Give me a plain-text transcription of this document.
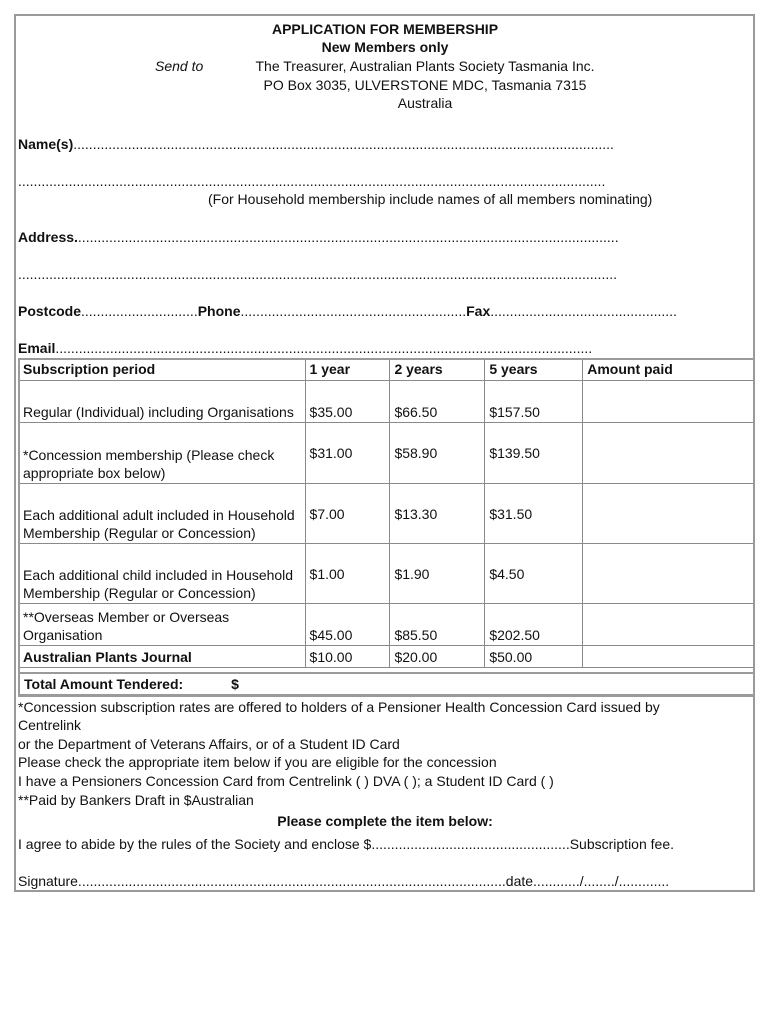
APPLICATION FOR MEMBERSHIP
New Members only
Send to	The Treasurer, Australian Plants Society Tasmania Inc.
PO Box 3035, ULVERSTONE MDC, Tasmania 7315
Australia
Name(s)...........................................................................................................................................
.......................................................................................................................................................
(For Household membership include names of all members nominating)
Address............................................................................................................................................
..........................................................................................................................................................
Postcode..............................Phone..........................................................Fax................................................
Email..........................................................................................................................................
Subscription period	1 year	2 years	5 years	Amount paid
Regular (Individual) including Organisations	$35.00	$66.50	$157.50	
*Concession membership (Please check appropriate box below)	$31.00	$58.90	$139.50	
Each additional adult included in Household Membership (Regular or Concession)	$7.00	$13.30	$31.50	
Each additional child included in Household Membership (Regular or Concession)	$1.00	$1.90	$4.50	
**Overseas Member or Overseas Organisation	$45.00	$85.50	$202.50	
Australian Plants Journal	$10.00	$20.00	$50.00	
Total Amount Tendered:	$
*Concession subscription rates are offered to holders of a Pensioner Health Concession Card issued by
Centrelink
or the Department of Veterans Affairs, or of a Student ID Card
Please check the appropriate item below if you are eligible for the concession
I have a Pensioners Concession Card from Centrelink ( ) DVA ( ); a Student ID Card ( )
**Paid by Bankers Draft in $Australian
Please complete the item below:
I agree to abide by the rules of the Society and enclose $...................................................Subscription fee.
Signature..............................................................................................................date............/......../.............
